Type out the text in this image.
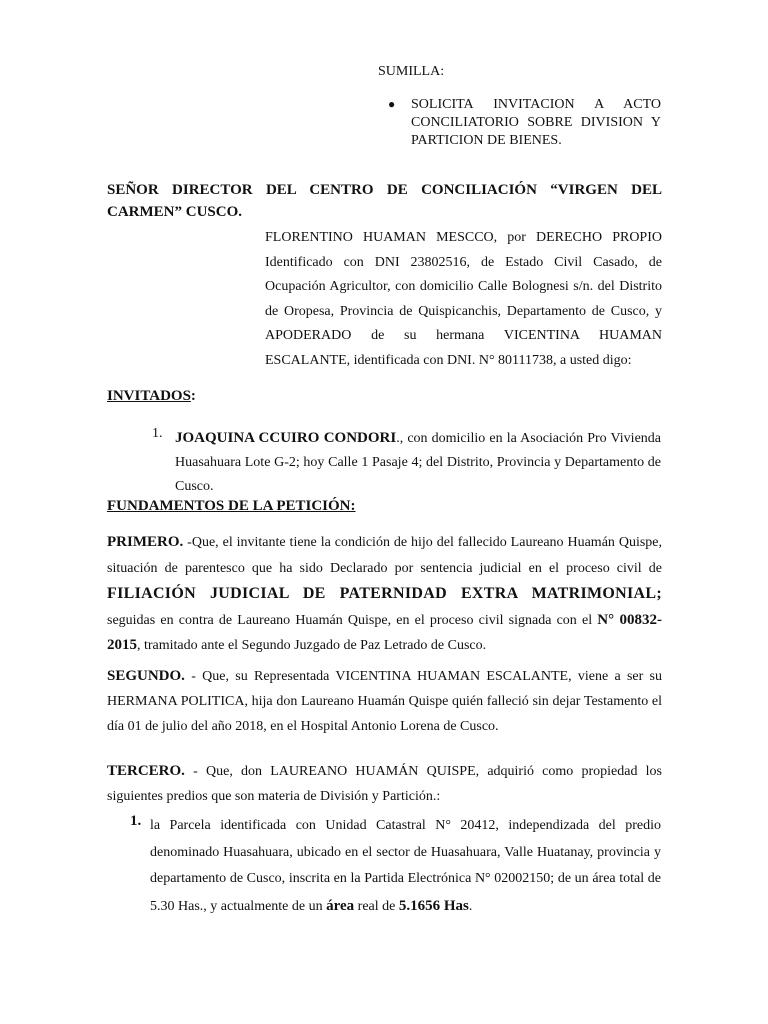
SUMILLA:
● SOLICITA INVITACION A ACTO CONCILIATORIO SOBRE DIVISION Y PARTICION DE BIENES.
SEÑOR DIRECTOR DEL CENTRO DE CONCILIACIÓN “VIRGEN DEL CARMEN” CUSCO.
FLORENTINO HUAMAN MESCCO, por DERECHO PROPIO Identificado con DNI 23802516, de Estado Civil Casado, de Ocupación Agricultor, con domicilio Calle Bolognesi s/n. del Distrito de Oropesa, Provincia de Quispicanchis, Departamento de Cusco, y APODERADO de su hermana VICENTINA HUAMAN ESCALANTE, identificada con DNI. N° 80111738, a usted digo:
INVITADOS:
1. JOAQUINA CCUIRO CONDORI., con domicilio en la Asociación Pro Vivienda Huasahuara Lote G-2; hoy Calle 1 Pasaje 4; del Distrito, Provincia y Departamento de Cusco.
FUNDAMENTOS DE LA PETICIÓN:
PRIMERO. -Que, el invitante tiene la condición de hijo del fallecido Laureano Huamán Quispe, situación de parentesco que ha sido Declarado por sentencia judicial en el proceso civil de FILIACIÓN JUDICIAL DE PATERNIDAD EXTRA MATRIMONIAL; seguidas en contra de Laureano Huamán Quispe, en el proceso civil signada con el N° 00832-2015, tramitado ante el Segundo Juzgado de Paz Letrado de Cusco.
SEGUNDO. - Que, su Representada VICENTINA HUAMAN ESCALANTE, viene a ser su HERMANA POLITICA, hija don Laureano Huamán Quispe quién falleció sin dejar Testamento el día 01 de julio del año 2018, en el Hospital Antonio Lorena de Cusco.
TERCERO. - Que, don LAUREANO HUAMÁN QUISPE, adquirió como propiedad los siguientes predios que son materia de División y Partición.:
1. la Parcela identificada con Unidad Catastral N° 20412, independizada del predio denominado Huasahuara, ubicado en el sector de Huasahuara, Valle Huatanay, provincia y departamento de Cusco, inscrita en la Partida Electrónica N° 02002150; de un área total de 5.30 Has., y actualmente de un área real de 5.1656 Has.
